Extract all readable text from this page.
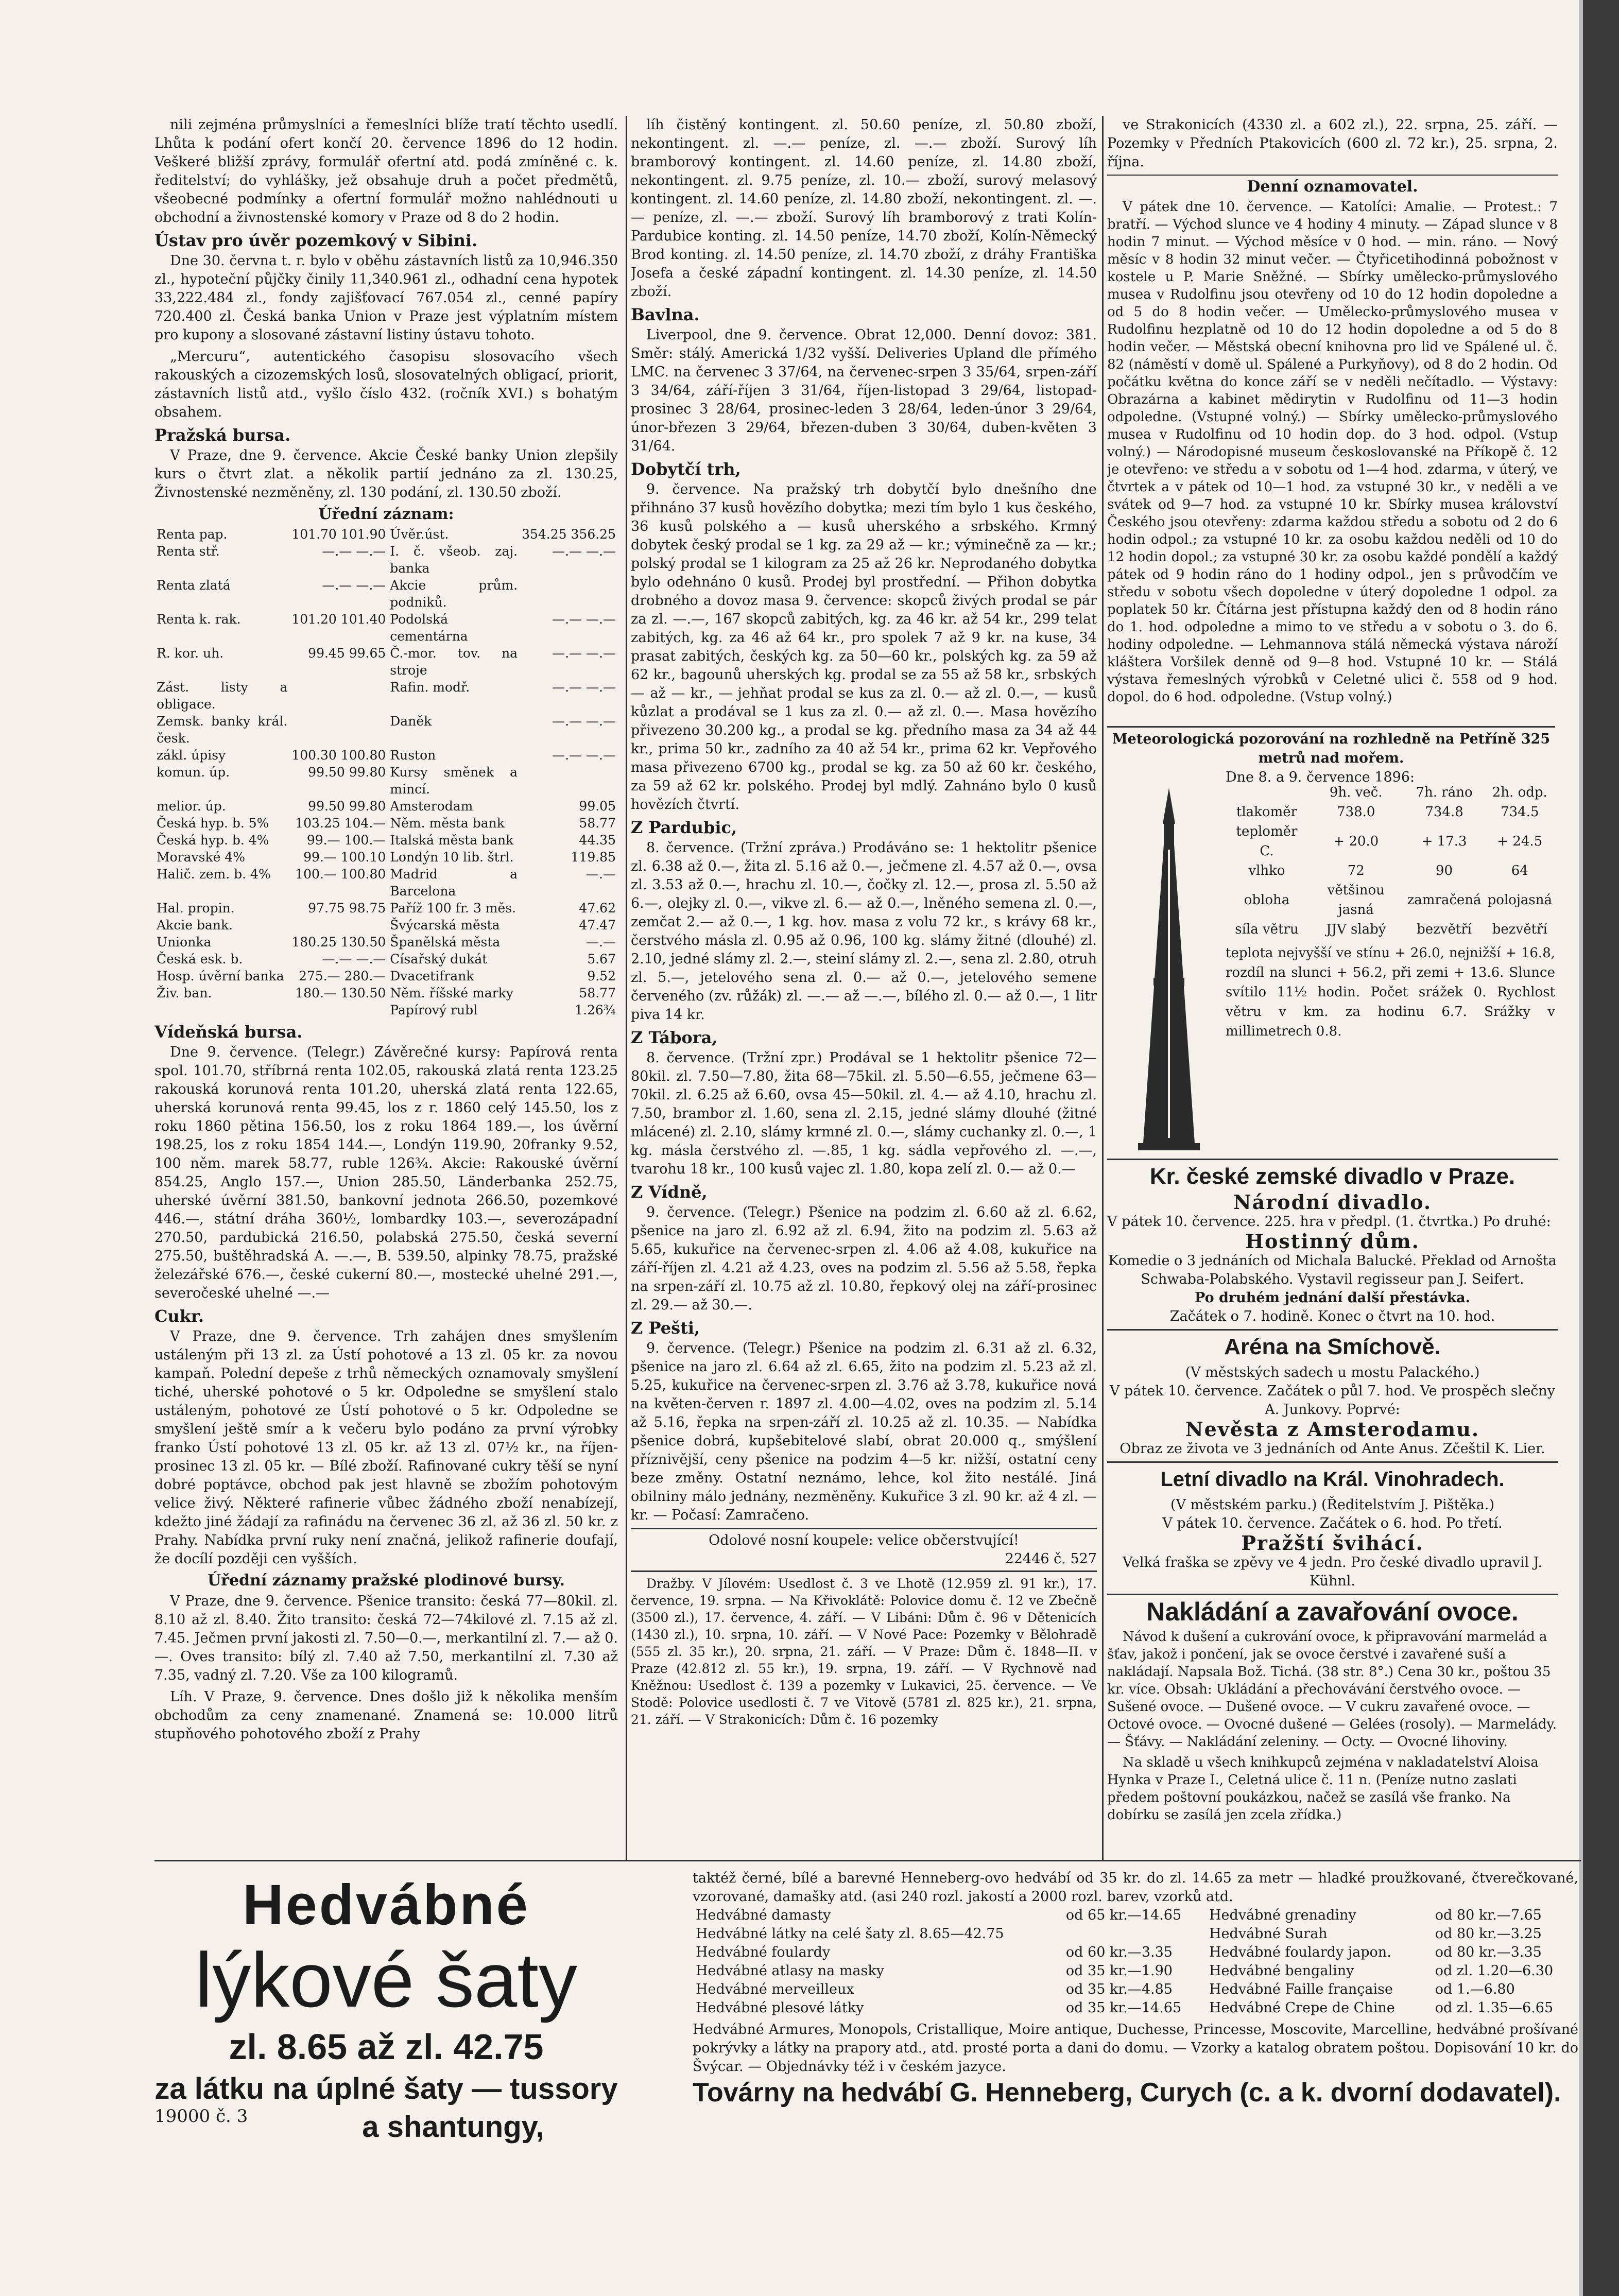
nili zejména průmyslníci a řemeslníci blíže tratí těchto usedlí. Lhůta k podání ofert končí 20. července 1896 do 12 hodin. Veškeré bližší zprávy, formulář ofertní atd. podá zmíněné c. k. ředitelství; do vyhlášky, jež obsahuje druh a počet předmětů, všeobecné podmínky a ofertní formulář možno nahlédnouti u obchodní a živnostenské komory v Praze od 8 do 2 hodin.

Ústav pro úvěr pozemkový v Sibini.

Dne 30. června t. r. bylo v oběhu zástavních listů za 10,946.350 zl., hypoteční půjčky činily 11,340.961 zl., odhadní cena hypotek 33,222.484 zl., fondy zajišťovací 767.054 zl., cenné papíry 720.400 zl. Česká banka Union v Praze jest výplatním místem pro kupony a slosované zástavní listiny ústavu tohoto.

„Mercuru“, autentického časopisu slosovacího všech rakouských a cizozemských losů, slosovatelných obligací, priorit, zástavních listů atd., vyšlo číslo 432. (ročník XVI.) s bohatým obsahem.

Pražská bursa.

V Praze, dne 9. července. Akcie České banky Union zlepšily kurs o čtvrt zlat. a několik partií jednáno za zl. 130.25, Živnostenské nezměněny, zl. 130 podání, zl. 130.50 zboží.

Úřední záznam:
Renta pap.	101.70 101.90	Úvěr.úst.	354.25 356.25
Renta stř.	—.— —.—	I. č. všeob. zaj. banka	—.— —.—
Renta zlatá	—.— —.—	Akcie prům. podniků.	
Renta k. rak.	101.20 101.40	Podolská cementárna	—.— —.—
R. kor. uh.	99.45 99.65	Č.-mor. tov. na stroje	—.— —.—
Zást. listy a obligace.		Rafin. modř.	—.— —.—
Zemsk. banky král. česk.		Daněk	—.— —.—
zákl. úpisy	100.30 100.80	Ruston	—.— —.—
komun. úp.	99.50 99.80	Kursy směnek a mincí.	
melior. úp.	99.50 99.80	Amsterodam	99.05
Česká hyp. b. 5%	103.25 104.—	Něm. města bank	58.77
Česká hyp. b. 4%	99.— 100.—	Italská města bank	44.35
Moravské 4%	99.— 100.10	Londýn 10 lib. štrl.	119.85
Halič. zem. b. 4%	100.— 100.80	Madrid a Barcelona	—.—
Hal. propin.	97.75 98.75	Paříž 100 fr. 3 měs.	47.62
Akcie bank.		Švýcarská města	47.47
Unionka	180.25 130.50	Španělská města	—.—
Česká esk. b.	—.— —.—	Císařský dukát	5.67
Hosp. úvěrní banka	275.— 280.—	Dvacetifrank	9.52
Živ. ban.	180.— 130.50	Něm. říšské marky	58.77
		Papírový rubl	1.26¾
Vídeňská bursa.

Dne 9. července. (Telegr.) Závěrečné kursy: Papírová renta spol. 101.70, stříbrná renta 102.05, rakouská zlatá renta 123.25 rakouská korunová renta 101.20, uherská zlatá renta 122.65, uherská korunová renta 99.45, los z r. 1860 celý 145.50, los z roku 1860 pětina 156.50, los z roku 1864 189.—, los úvěrní 198.25, los z roku 1854 144.—, Londýn 119.90, 20franky 9.52, 100 něm. marek 58.77, ruble 126¾. Akcie: Rakouské úvěrní 854.25, Anglo 157.—, Union 285.50, Länderbanka 252.75, uherské úvěrní 381.50, bankovní jednota 266.50, pozemkové 446.—, státní dráha 360½, lombardky 103.—, severozápadní 270.50, pardubická 216.50, polabská 275.50, česká severní 275.50, buštěhradská A. —.—, B. 539.50, alpinky 78.75, pražské železářské 676.—, české cukerní 80.—, mostecké uhelné 291.—, severočeské uhelné —.—

Cukr.

V Praze, dne 9. července. Trh zahájen dnes smyšlením ustáleným při 13 zl. za Ústí pohotové a 13 zl. 05 kr. za novou kampaň. Polední depeše z trhů německých oznamovaly smyšlení tiché, uherské pohotové o 5 kr. Odpoledne se smyšlení stalo ustáleným, pohotové ze Ústí pohotové o 5 kr. Odpoledne se smyšlení ještě smír a k večeru bylo podáno za první výrobky franko Ústí pohotové 13 zl. 05 kr. až 13 zl. 07½ kr., na říjen-prosinec 13 zl. 05 kr. — Bílé zboží. Rafinované cukry těší se nyní dobré poptávce, obchod pak jest hlavně se zbožím pohotovým velice živý. Některé rafinerie vůbec žádného zboží nenabízejí, kdežto jiné žádají za rafinádu na červenec 36 zl. až 36 zl. 50 kr. z Prahy. Nabídka první ruky není značná, jelikož rafinerie doufají, že docílí později cen vyšších.

Úřední záznamy pražské plodinové bursy.

V Praze, dne 9. července. Pšenice transito: česká 77—80kil. zl. 8.10 až zl. 8.40. Žito transito: česká 72—74kilové zl. 7.15 až zl. 7.45. Ječmen první jakosti zl. 7.50—0.—, merkantilní zl. 7.— až 0.—. Oves transito: bílý zl. 7.40 až 7.50, merkantilní zl. 7.30 až 7.35, vadný zl. 7.20. Vše za 100 kilogramů.

Líh. V Praze, 9. července. Dnes došlo již k několika menším obchodům za ceny znamenané. Znamená se: 10.000 litrů stupňového pohotového zboží z Prahy

líh čistěný kontingent. zl. 50.60 peníze, zl. 50.80 zboží, nekontingent. zl. —.— peníze, zl. —.— zboží. Surový líh bramborový kontingent. zl. 14.60 peníze, zl. 14.80 zboží, nekontingent. zl. 9.75 peníze, zl. 10.— zboží, surový melasový kontingent. zl. 14.60 peníze, zl. 14.80 zboží, nekontingent. zl. —.— peníze, zl. —.— zboží. Surový líh bramborový z trati Kolín-Pardubice konting. zl. 14.50 peníze, 14.70 zboží, Kolín-Německý Brod konting. zl. 14.50 peníze, zl. 14.70 zboží, z dráhy Františka Josefa a české západní kontingent. zl. 14.30 peníze, zl. 14.50 zboží.

Bavlna.

Liverpool, dne 9. července. Obrat 12,000. Denní dovoz: 381. Směr: stálý. Americká 1/32 vyšší. Deliveries Upland dle přímého LMC. na červenec 3 37/64, na červenec-srpen 3 35/64, srpen-září 3 34/64, září-říjen 3 31/64, říjen-listopad 3 29/64, listopad-prosinec 3 28/64, prosinec-leden 3 28/64, leden-únor 3 29/64, únor-březen 3 29/64, březen-duben 3 30/64, duben-květen 3 31/64.

Dobytčí trh,

9. července. Na pražský trh dobytčí bylo dnešního dne přihnáno 37 kusů hovězího dobytka; mezi tím bylo 1 kus českého, 36 kusů polského a — kusů uherského a srbského. Krmný dobytek český prodal se 1 kg. za 29 až — kr.; výminečně za — kr.; polský prodal se 1 kilogram za 25 až 26 kr. Neprodaného dobytka bylo odehnáno 0 kusů. Prodej byl prostřední. — Přihon dobytka drobného a dovoz masa 9. července: skopců živých prodal se pár za zl. —.—, 167 skopců zabitých, kg. za 46 kr. až 54 kr., 299 telat zabitých, kg. za 46 až 64 kr., pro spolek 7 až 9 kr. na kuse, 34 prasat zabitých, českých kg. za 50—60 kr., polských kg. za 59 až 62 kr., bagounů uherských kg. prodal se za 55 až 58 kr., srbských — až — kr., — jehňat prodal se kus za zl. 0.— až zl. 0.—, — kusů kůzlat a prodával se 1 kus za zl. 0.— až zl. 0.—. Masa hovězího přivezeno 30.200 kg., a prodal se kg. předního masa za 34 až 44 kr., prima 50 kr., zadního za 40 až 54 kr., prima 62 kr. Vepřového masa přivezeno 6700 kg., prodal se kg. za 50 až 60 kr. českého, za 59 až 62 kr. polského. Prodej byl mdlý. Zahnáno bylo 0 kusů hovězích čtvrtí.

Z Pardubic,

8. července. (Tržní zpráva.) Prodáváno se: 1 hektolitr pšenice zl. 6.38 až 0.—, žita zl. 5.16 až 0.—, ječmene zl. 4.57 až 0.—, ovsa zl. 3.53 až 0.—, hrachu zl. 10.—, čočky zl. 12.—, prosa zl. 5.50 až 6.—, olejky zl. 0.—, vikve zl. 6.— až 0.—, lněného semena zl. 0.—, zemčat 2.— až 0.—, 1 kg. hov. masa z volu 72 kr., s krávy 68 kr., čerstvého másla zl. 0.95 až 0.96, 100 kg. slámy žitné (dlouhé) zl. 2.10, jedné slámy zl. 2.—, steiní slámy zl. 2.—, sena zl. 2.80, otruh zl. 5.—, jetelového sena zl. 0.— až 0.—, jetelového semene červeného (zv. růžák) zl. —.— až —.—, bílého zl. 0.— až 0.—, 1 litr piva 14 kr.

Z Tábora,

8. července. (Tržní zpr.) Prodával se 1 hektolitr pšenice 72—80kil. zl. 7.50—7.80, žita 68—75kil. zl. 5.50—6.55, ječmene 63—70kil. zl. 6.25 až 6.60, ovsa 45—50kil. zl. 4.— až 4.10, hrachu zl. 7.50, brambor zl. 1.60, sena zl. 2.15, jedné slámy dlouhé (žitné mlácené) zl. 2.10, slámy krmné zl. 0.—, slámy cuchanky zl. 0.—, 1 kg. másla čerstvého zl. —.85, 1 kg. sádla vepřového zl. —.—, tvarohu 18 kr., 100 kusů vajec zl. 1.80, kopa zelí zl. 0.— až 0.—

Z Vídně,

9. července. (Telegr.) Pšenice na podzim zl. 6.60 až zl. 6.62, pšenice na jaro zl. 6.92 až zl. 6.94, žito na podzim zl. 5.63 až 5.65, kukuřice na červenec-srpen zl. 4.06 až 4.08, kukuřice na září-říjen zl. 4.21 až 4.23, oves na podzim zl. 5.56 až 5.58, řepka na srpen-září zl. 10.75 až zl. 10.80, řepkový olej na září-prosinec zl. 29.— až 30.—.

Z Pešti,

9. července. (Telegr.) Pšenice na podzim zl. 6.31 až zl. 6.32, pšenice na jaro zl. 6.64 až zl. 6.65, žito na podzim zl. 5.23 až zl. 5.25, kukuřice na červenec-srpen zl. 3.76 až 3.78, kukuřice nová na květen-červen r. 1897 zl. 4.00—4.02, oves na podzim zl. 5.14 až 5.16, řepka na srpen-září zl. 10.25 až zl. 10.35. — Nabídka pšenice dobrá, kupšebitelové slabí, obrat 20.000 q., smýšlení příznivější, ceny pšenice na podzim 4—5 kr. nižší, ostatní ceny beze změny. Ostatní neznámo, lehce, kol žito nestálé. Jiná obilniny málo jednány, nezměněny. Kukuřice 3 zl. 90 kr. až 4 zl. — kr. — Počasí: Zamračeno.

Odolové nosní koupele: velice občerstvující!
22446 č. 527

Dražby. V Jílovém: Usedlost č. 3 ve Lhotě (12.959 zl. 91 kr.), 17. července, 19. srpna. — Na Křivoklátě: Polovice domu č. 12 ve Zbečně (3500 zl.), 17. července, 4. září. — V Libáni: Dům č. 96 v Dětenicích (1430 zl.), 10. srpna, 10. září. — V Nové Pace: Pozemky v Bělohradě (555 zl. 35 kr.), 20. srpna, 21. září. — V Praze: Dům č. 1848—II. v Praze (42.812 zl. 55 kr.), 19. srpna, 19. září. — V Rychnově nad Kněžnou: Usedlost č. 139 a pozemky v Lukavici, 25. července. — Ve Stodě: Polovice usedlosti č. 7 ve Vitově (5781 zl. 825 kr.), 21. srpna, 21. září. — V Strakonicích: Dům č. 16 pozemky

ve Strakonicích (4330 zl. a 602 zl.), 22. srpna, 25. září. — Pozemky v Předních Ptakovicích (600 zl. 72 kr.), 25. srpna, 2. října.

Denní oznamovatel.

V pátek dne 10. července. — Katolíci: Amalie. — Protest.: 7 bratří. — Východ slunce ve 4 hodiny 4 minuty. — Západ slunce v 8 hodin 7 minut. — Východ měsíce v 0 hod. — min. ráno. — Nový měsíc v 8 hodin 32 minut večer. — Čtyřicetihodinná pobožnost v kostele u P. Marie Sněžné. — Sbírky umělecko-průmyslového musea v Rudolfinu jsou otevřeny od 10 do 12 hodin dopoledne a od 5 do 8 hodin večer. — Umělecko-průmyslového musea v Rudolfinu hezplatně od 10 do 12 hodin dopoledne a od 5 do 8 hodin večer. — Městská obecní knihovna pro lid ve Spálené ul. č. 82 (náměstí v domě ul. Spálené a Purkyňovy), od 8 do 2 hodin. Od počátku května do konce září se v neděli nečítadlo. — Výstavy: Obrazárna a kabinet mědirytin v Rudolfinu od 11—3 hodin odpoledne. (Vstupné volný.) — Sbírky umělecko-průmyslového musea v Rudolfinu od 10 hodin dop. do 3 hod. odpol. (Vstup volný.) — Národopisné museum českoslovanské na Příkopě č. 12 je otevřeno: ve středu a v sobotu od 1—4 hod. zdarma, v úterý, ve čtvrtek a v pátek od 10—1 hod. za vstupné 30 kr., v neděli a ve svátek od 9—7 hod. za vstupné 10 kr. Sbírky musea království Českého jsou otevřeny: zdarma každou středu a sobotu od 2 do 6 hodin odpol.; za vstupné 10 kr. za osobu každou neděli od 10 do 12 hodin dopol.; za vstupné 30 kr. za osobu každé pondělí a každý pátek od 9 hodin ráno do 1 hodiny odpol., jen s průvodčím ve středu v sobotu všech dopoledne v úterý dopoledne 1 odpol. za poplatek 50 kr. Čítárna jest přístupna každý den od 8 hodin ráno do 1. hod. odpoledne a mimo to ve středu a v sobotu o 3. do 6. hodiny odpoledne. — Lehmannova stálá německá výstava nároží kláštera Voršilek denně od 9—8 hod. Vstupné 10 kr. — Stálá výstava řemeslných výrobků v Celetné ulici č. 558 od 9 hod. dopol. do 6 hod. odpoledne. (Vstup volný.)

Meteorologická pozorování na rozhledně na Petříně 325 metrů nad mořem.
Dne 8. a 9. července 1896:
	9h. več.	7h. ráno	2h. odp.
tlakoměr	738.0	734.8	734.5
teploměr C.	+ 20.0	+ 17.3	+ 24.5
vlhko	72	90	64
obloha	většinou jasná	zamračená	polojasná
síla větru	JJV slabý	bezvětří	bezvětří
teplota nejvyšší ve stínu + 26.0, nejnižší + 16.8, rozdíl na slunci + 56.2, při zemi + 13.6. Slunce svítilo 11½ hodin. Počet srážek 0. Rychlost větru v km. za hodinu 6.7. Srážky v millimetrech 0.8.
Kr. české zemské divadlo v Praze.
Národní divadlo.
V pátek 10. července. 225. hra v předpl. (1. čtvrtka.) Po druhé:
Hostinný dům.
Komedie o 3 jednáních od Michala Balucké. Překlad od Arnošta Schwaba-Polabského. Vystavil regisseur pan J. Seifert.
Po druhém jednání další přestávka.
Začátek o 7. hodině. Konec o čtvrt na 10. hod.
Aréna na Smíchově.
(V městských sadech u mostu Palackého.)
V pátek 10. července. Začátek o půl 7. hod. Ve prospěch slečny A. Junkovy. Poprvé:
Nevěsta z Amsterodamu.
Obraz ze života ve 3 jednáních od Ante Anus. Zčeštil K. Lier.
Letní divadlo na Král. Vinohradech.
(V městském parku.) (Ředitelstvím J. Pištěka.)
V pátek 10. července. Začátek o 6. hod. Po třetí.
Pražští švihácí.
Velká fraška se zpěvy ve 4 jedn. Pro české divadlo upravil J. Kühnl.
Nakládání a zavařování ovoce.

Návod k dušení a cukrování ovoce, k připravování marmelád a šťav, jakož i pončení, jak se ovoce čerstvé i zavařené suší a nakládají. Napsala Bož. Tichá. (38 str. 8°.) Cena 30 kr., poštou 35 kr. více. Obsah: Ukládání a přechovávání čerstvého ovoce. — Sušené ovoce. — Dušené ovoce. — V cukru zavařené ovoce. — Octové ovoce. — Ovocné dušené — Gelées (rosoly). — Marmelády. — Šťávy. — Nakládání zeleniny. — Octy. — Ovocné lihoviny.

Na skladě u všech knihkupců zejména v nakladatelství Aloisa Hynka v Praze I., Celetná ulice č. 11 n. (Peníze nutno zaslati předem poštovní poukázkou, načež se zasílá vše franko. Na dobírku se zasílá jen zcela zřídka.)

Hedvábné
lýkové šaty
zl. 8.65 až zl. 42.75
za látku na úplné šaty — tussory
a shantungy,
19000 č. 3
taktéž černé, bílé a barevné Henneberg-ovo hedvábí od 35 kr. do zl. 14.65 za metr — hladké proužkované, čtverečkované, vzorované, damašky atd. (asi 240 rozl. jakostí a 2000 rozl. barev, vzorků atd.
Hedvábné damasty	od 65 kr.—14.65	Hedvábné grenadiny	od 80 kr.—7.65
Hedvábné látky na celé šaty zl. 8.65—42.75		Hedvábné Surah	od 80 kr.—3.25
Hedvábné foulardy	od 60 kr.—3.35	Hedvábné foulardy japon.	od 80 kr.—3.35
Hedvábné atlasy na masky	od 35 kr.—1.90	Hedvábné bengaliny	od zl. 1.20—6.30
Hedvábné merveilleux	od 35 kr.—4.85	Hedvábné Faille française	od 1.—6.80
Hedvábné plesové látky	od 35 kr.—14.65	Hedvábné Crepe de Chine	od zl. 1.35—6.65
Hedvábné Armures, Monopols, Cristallique, Moire antique, Duchesse, Princesse, Moscovite, Marcelline, hedvábné prošívané pokrývky a látky na prapory atd., atd. prosté porta a dani do domu. — Vzorky a katalog obratem poštou. Dopisování 10 kr. do Švýcar. — Objednávky též i v českém jazyce.
Továrny na hedvábí G. Henneberg, Curych (c. a k. dvorní dodavatel).
